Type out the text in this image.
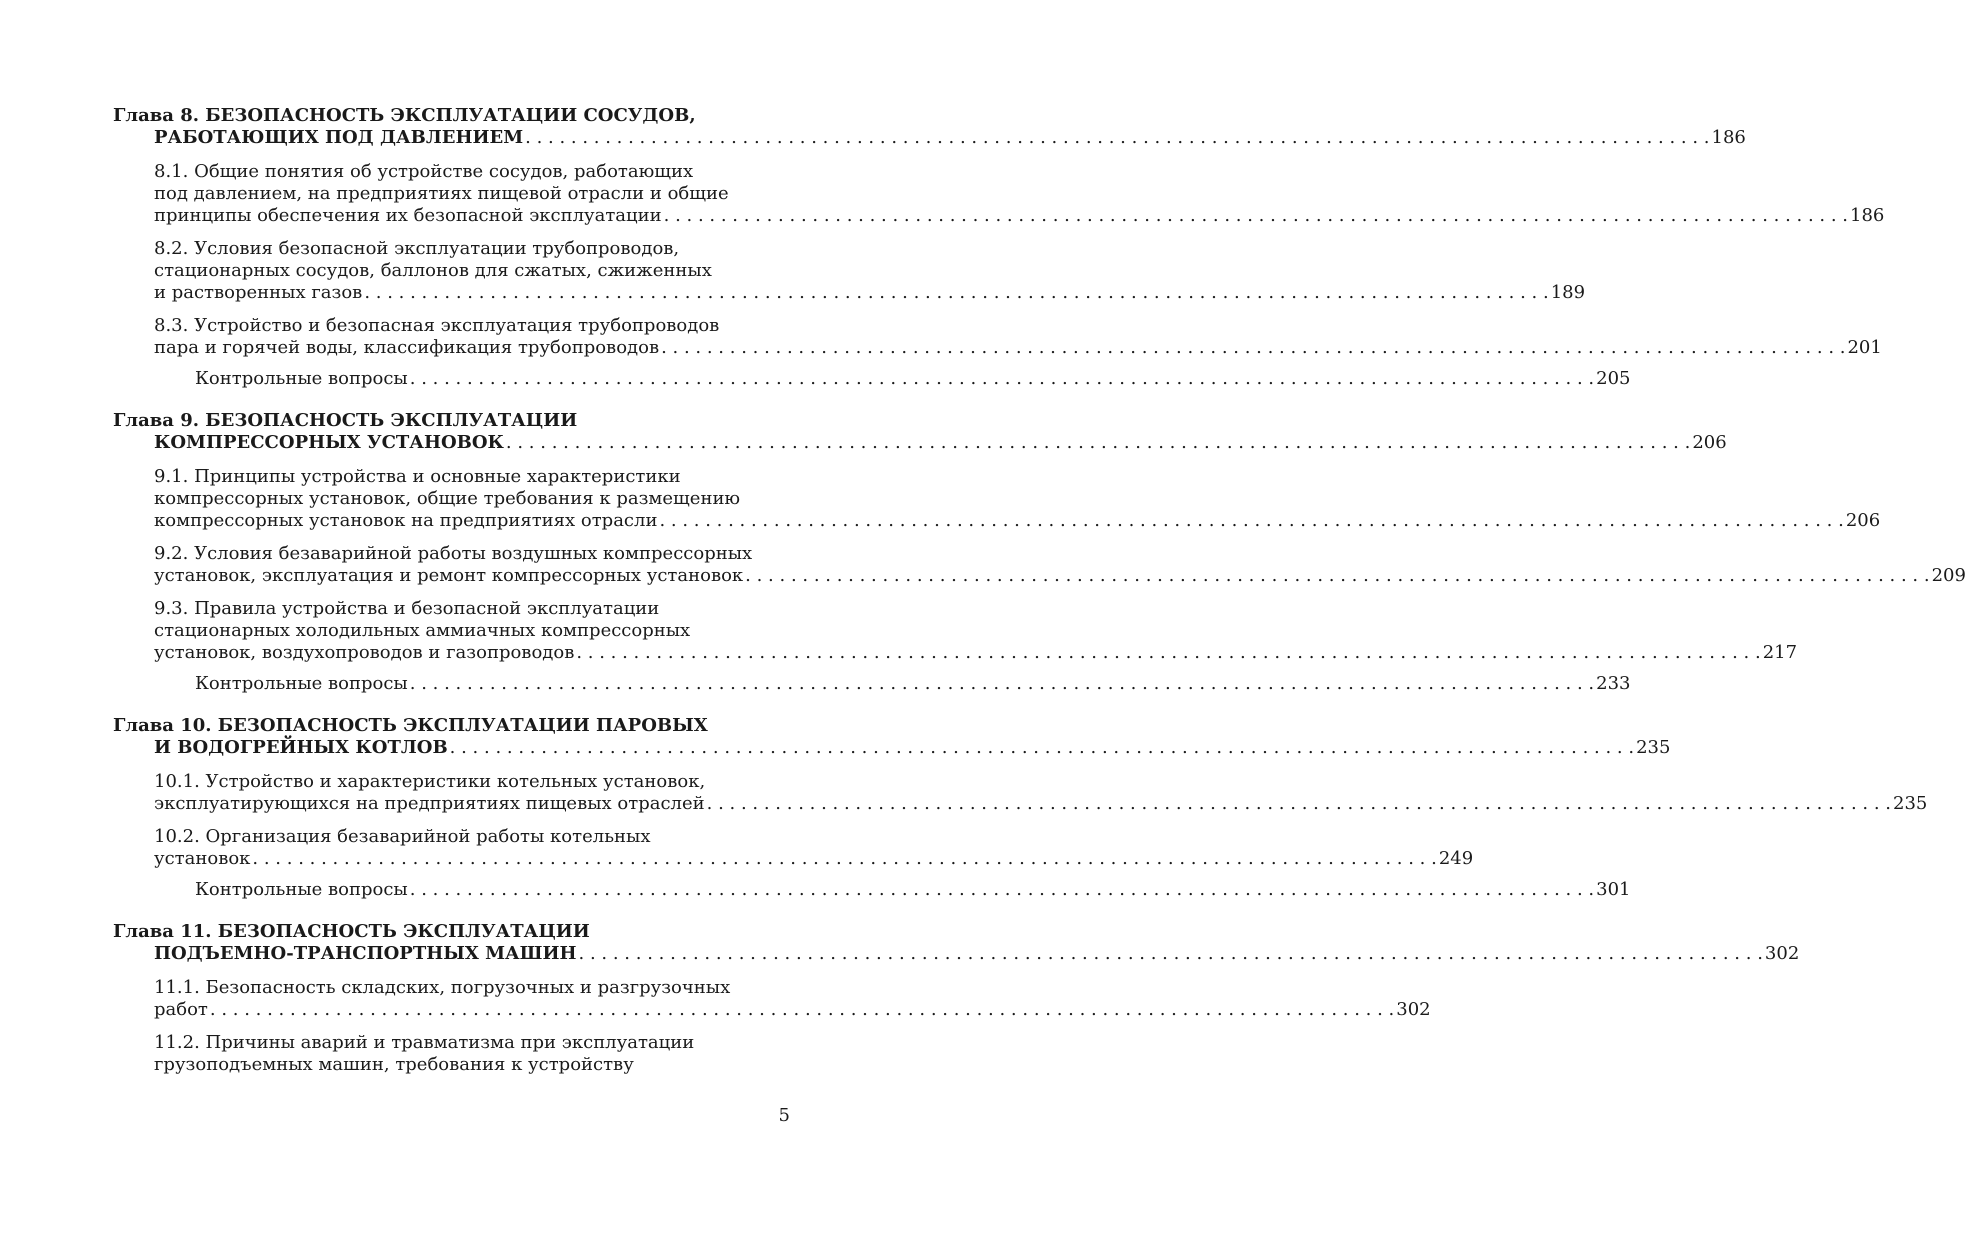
Глава 8. БЕЗОПАСНОСТЬ ЭКСПЛУАТАЦИИ СОСУДОВ,
РАБОТАЮЩИХ ПОД ДАВЛЕНИЕМ . . .	186
8.1. Общие понятия об устройстве сосудов, работающих
под давлением, на предприятиях пищевой отрасли и общие
принципы обеспечения их безопасной эксплуатации . . .	186
8.2. Условия безопасной эксплуатации трубопроводов,
стационарных сосудов, баллонов для сжатых, сжиженных
и растворенных газов . . .	189
8.3. Устройство и безопасная эксплуатация трубопроводов
пара и горячей воды, классификация трубопроводов . . .	201
Контрольные вопросы . . .	205
Глава 9. БЕЗОПАСНОСТЬ ЭКСПЛУАТАЦИИ
КОМПРЕССОРНЫХ УСТАНОВОК . . .	206
9.1. Принципы устройства и основные характеристики
компрессорных установок, общие требования к размещению
компрессорных установок на предприятиях отрасли . . .	206
9.2. Условия безаварийной работы воздушных компрессорных
установок, эксплуатация и ремонт компрессорных установок . . .	209
9.3. Правила устройства и безопасной эксплуатации
стационарных холодильных аммиачных компрессорных
установок, воздухопроводов и газопроводов . . .	217
Контрольные вопросы . . .	233
Глава 10. БЕЗОПАСНОСТЬ ЭКСПЛУАТАЦИИ ПАРОВЫХ
И ВОДОГРЕЙНЫХ КОТЛОВ . . .	235
10.1. Устройство и характеристики котельных установок,
эксплуатирующихся на предприятиях пищевых отраслей . . .	235
10.2. Организация безаварийной работы котельных
установок . . .	249
Контрольные вопросы . . .	301
Глава 11. БЕЗОПАСНОСТЬ ЭКСПЛУАТАЦИИ
ПОДЪЕМНО-ТРАНСПОРТНЫХ МАШИН . . .	302
11.1. Безопасность складских, погрузочных и разгрузочных
работ . . .	302
11.2. Причины аварий и травматизма при эксплуатации
грузоподъемных машин, требования к устройству
5
